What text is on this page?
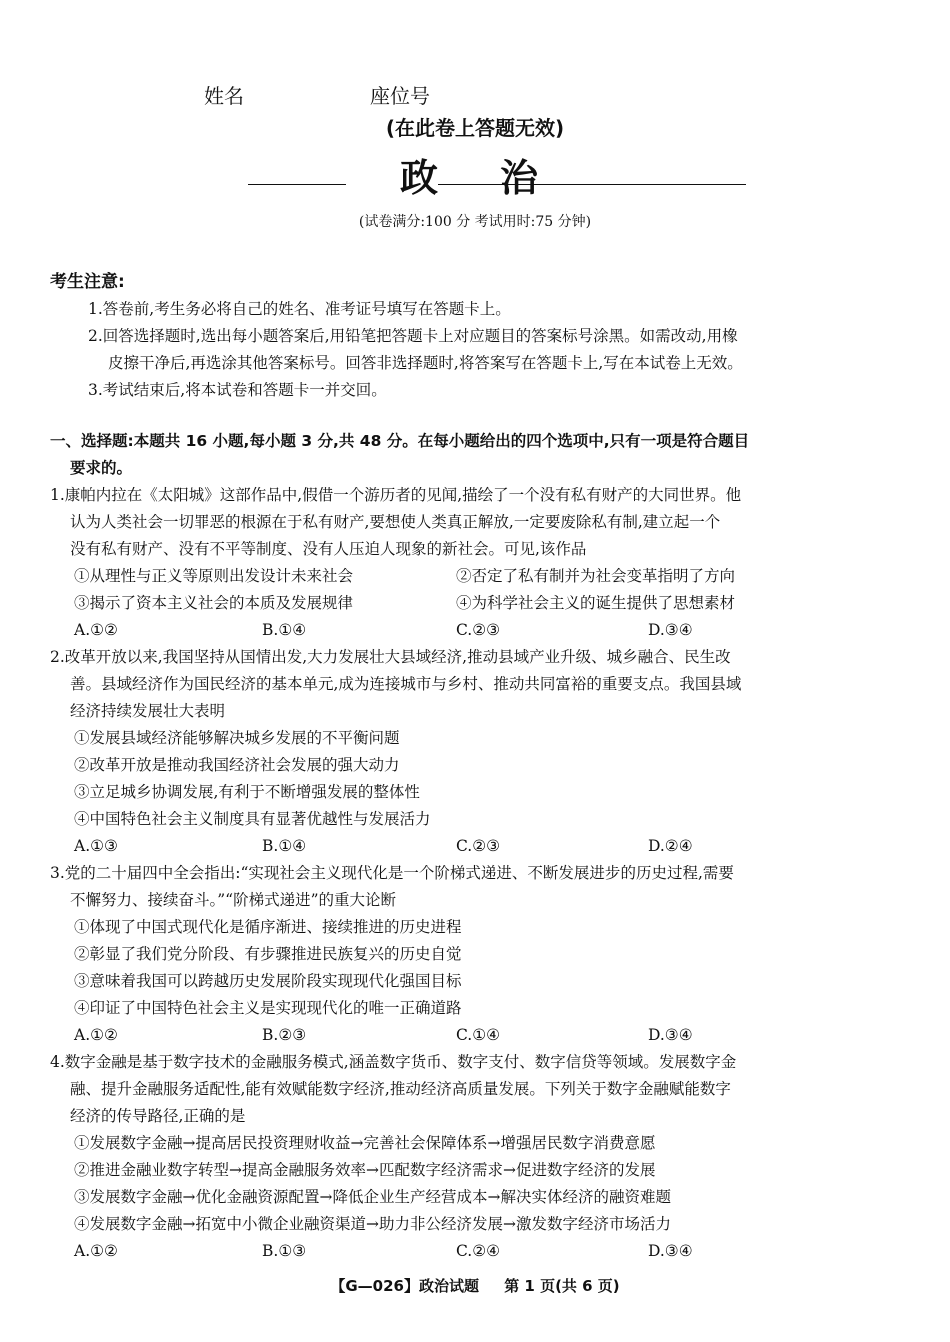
姓名	座位号
(在此卷上答题无效)
政 治
(试卷满分:100 分 考试用时:75 分钟)
考生注意:
1.答卷前,考生务必将自己的姓名、准考证号填写在答题卡上。
2.回答选择题时,选出每小题答案后,用铅笔把答题卡上对应题目的答案标号涂黑。如需改动,用橡
皮擦干净后,再选涂其他答案标号。回答非选择题时,将答案写在答题卡上,写在本试卷上无效。
3.考试结束后,将本试卷和答题卡一并交回。
一、选择题:本题共 16 小题,每小题 3 分,共 48 分。在每小题给出的四个选项中,只有一项是符合题目
要求的。
1.康帕内拉在《太阳城》这部作品中,假借一个游历者的见闻,描绘了一个没有私有财产的大同世界。他
认为人类社会一切罪恶的根源在于私有财产,要想使人类真正解放,一定要废除私有制,建立起一个
没有私有财产、没有不平等制度、没有人压迫人现象的新社会。可见,该作品
①从理性与正义等原则出发设计未来社会	②否定了私有制并为社会变革指明了方向
③揭示了资本主义社会的本质及发展规律	④为科学社会主义的诞生提供了思想素材
A.①②	B.①④	C.②③	D.③④
2.改革开放以来,我国坚持从国情出发,大力发展壮大县域经济,推动县域产业升级、城乡融合、民生改
善。县域经济作为国民经济的基本单元,成为连接城市与乡村、推动共同富裕的重要支点。我国县域
经济持续发展壮大表明
①发展县域经济能够解决城乡发展的不平衡问题
②改革开放是推动我国经济社会发展的强大动力
③立足城乡协调发展,有利于不断增强发展的整体性
④中国特色社会主义制度具有显著优越性与发展活力
A.①③	B.①④	C.②③	D.②④
3.党的二十届四中全会指出:“实现社会主义现代化是一个阶梯式递进、不断发展进步的历史过程,需要
不懈努力、接续奋斗。”“阶梯式递进”的重大论断
①体现了中国式现代化是循序渐进、接续推进的历史进程
②彰显了我们党分阶段、有步骤推进民族复兴的历史自觉
③意味着我国可以跨越历史发展阶段实现现代化强国目标
④印证了中国特色社会主义是实现现代化的唯一正确道路
A.①②	B.②③	C.①④	D.③④
4.数字金融是基于数字技术的金融服务模式,涵盖数字货币、数字支付、数字信贷等领域。发展数字金
融、提升金融服务适配性,能有效赋能数字经济,推动经济高质量发展。下列关于数字金融赋能数字
经济的传导路径,正确的是
①发展数字金融→提高居民投资理财收益→完善社会保障体系→增强居民数字消费意愿
②推进金融业数字转型→提高金融服务效率→匹配数字经济需求→促进数字经济的发展
③发展数字金融→优化金融资源配置→降低企业生产经营成本→解决实体经济的融资难题
④发展数字金融→拓宽中小微企业融资渠道→助力非公经济发展→激发数字经济市场活力
A.①②	B.①③	C.②④	D.③④
【G—026】政治试题 第 1 页(共 6 页)
